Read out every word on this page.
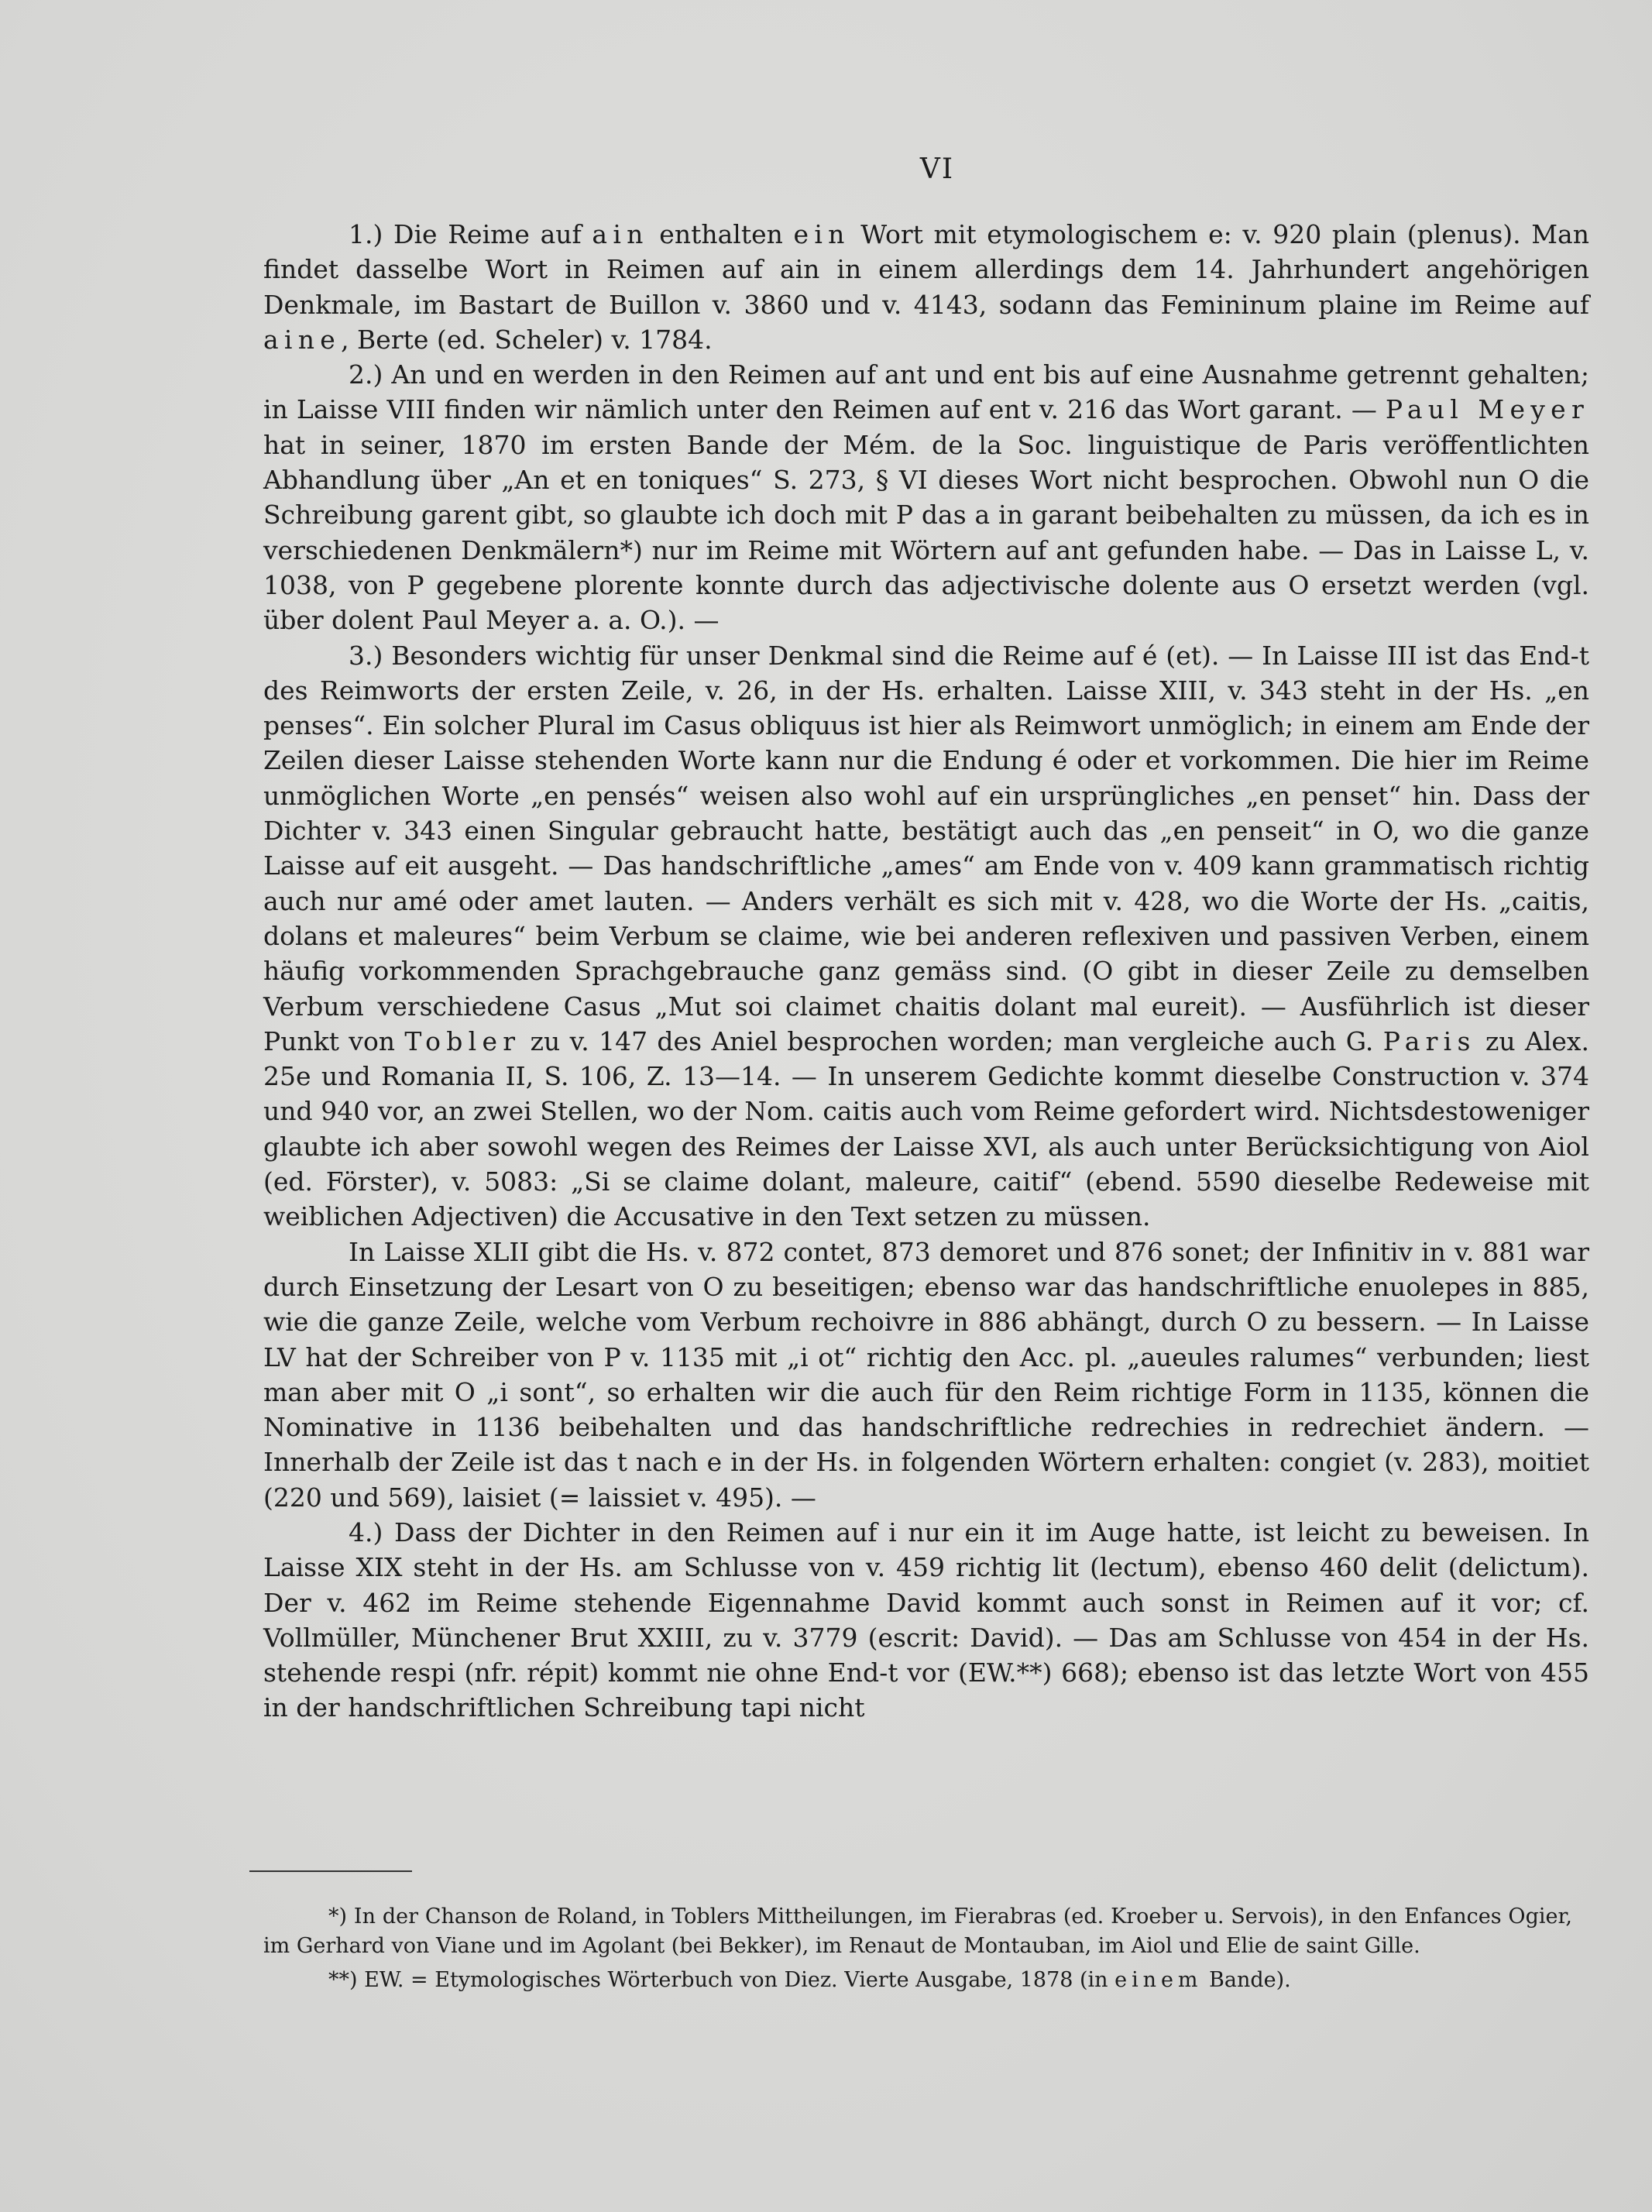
VI

1.) Die Reime auf ain enthalten ein Wort mit etymologischem e: v. 920 plain (plenus). Man findet dasselbe Wort in Reimen auf ain in einem allerdings dem 14. Jahrhundert angehörigen Denkmale, im Bastart de Buillon v. 3860 und v. 4143, sodann das Femininum plaine im Reime auf aine, Berte (ed. Scheler) v. 1784.

2.) An und en werden in den Reimen auf ant und ent bis auf eine Ausnahme getrennt gehalten; in Laisse VIII finden wir nämlich unter den Reimen auf ent v. 216 das Wort garant. — Paul Meyer hat in seiner, 1870 im ersten Bande der Mém. de la Soc. linguistique de Paris veröffentlichten Abhandlung über „An et en toniques“ S. 273, § VI dieses Wort nicht besprochen. Obwohl nun O die Schreibung garent gibt, so glaubte ich doch mit P das a in garant beibehalten zu müssen, da ich es in verschiedenen Denkmälern*) nur im Reime mit Wörtern auf ant gefunden habe. — Das in Laisse L, v. 1038, von P gegebene plorente konnte durch das adjectivische dolente aus O ersetzt werden (vgl. über dolent Paul Meyer a. a. O.). —

3.) Besonders wichtig für unser Denkmal sind die Reime auf é (et). — In Laisse III ist das End-t des Reimworts der ersten Zeile, v. 26, in der Hs. erhalten. Laisse XIII, v. 343 steht in der Hs. „en penses“. Ein solcher Plural im Casus obliquus ist hier als Reimwort unmöglich; in einem am Ende der Zeilen dieser Laisse stehenden Worte kann nur die Endung é oder et vorkommen. Die hier im Reime unmöglichen Worte „en pensés“ weisen also wohl auf ein ursprüngliches „en penset“ hin. Dass der Dichter v. 343 einen Singular gebraucht hatte, bestätigt auch das „en penseit“ in O, wo die ganze Laisse auf eit ausgeht. — Das handschriftliche „ames“ am Ende von v. 409 kann grammatisch richtig auch nur amé oder amet lauten. — Anders verhält es sich mit v. 428, wo die Worte der Hs. „caitis, dolans et maleures“ beim Verbum se claime, wie bei anderen reflexiven und passiven Verben, einem häufig vorkommenden Sprachgebrauche ganz gemäss sind. (O gibt in dieser Zeile zu demselben Verbum verschiedene Casus „Mut soi claimet chaitis dolant mal eureit). — Ausführlich ist dieser Punkt von Tobler zu v. 147 des Aniel besprochen worden; man vergleiche auch G. Paris zu Alex. 25e und Romania II, S. 106, Z. 13—14. — In unserem Gedichte kommt dieselbe Construction v. 374 und 940 vor, an zwei Stellen, wo der Nom. caitis auch vom Reime gefordert wird. Nichtsdestoweniger glaubte ich aber sowohl wegen des Reimes der Laisse XVI, als auch unter Berücksichtigung von Aiol (ed. Förster), v. 5083: „Si se claime dolant, maleure, caitif“ (ebend. 5590 dieselbe Redeweise mit weiblichen Adjectiven) die Accusative in den Text setzen zu müssen.

In Laisse XLII gibt die Hs. v. 872 contet, 873 demoret und 876 sonet; der Infinitiv in v. 881 war durch Einsetzung der Lesart von O zu beseitigen; ebenso war das handschriftliche enuolepes in 885, wie die ganze Zeile, welche vom Verbum rechoivre in 886 abhängt, durch O zu bessern. — In Laisse LV hat der Schreiber von P v. 1135 mit „i ot“ richtig den Acc. pl. „aueules ralumes“ verbunden; liest man aber mit O „i sont“, so erhalten wir die auch für den Reim richtige Form in 1135, können die Nominative in 1136 beibehalten und das handschriftliche redrechies in redrechiet ändern. — Innerhalb der Zeile ist das t nach e in der Hs. in folgenden Wörtern erhalten: congiet (v. 283), moitiet (220 und 569), laisiet (= laissiet v. 495). —

4.) Dass der Dichter in den Reimen auf i nur ein it im Auge hatte, ist leicht zu beweisen. In Laisse XIX steht in der Hs. am Schlusse von v. 459 richtig lit (lectum), ebenso 460 delit (delictum). Der v. 462 im Reime stehende Eigennahme David kommt auch sonst in Reimen auf it vor; cf. Vollmüller, Münchener Brut XXIII, zu v. 3779 (escrit: David). — Das am Schlusse von 454 in der Hs. stehende respi (nfr. répit) kommt nie ohne End-t vor (EW.**) 668); ebenso ist das letzte Wort von 455 in der handschriftlichen Schreibung tapi nicht

*) In der Chanson de Roland, in Toblers Mittheilungen, im Fierabras (ed. Kroeber u. Servois), in den Enfances Ogier, im Gerhard von Viane und im Agolant (bei Bekker), im Renaut de Montauban, im Aiol und Elie de saint Gille.

**) EW. = Etymologisches Wörterbuch von Diez. Vierte Ausgabe, 1878 (in einem Bande).
